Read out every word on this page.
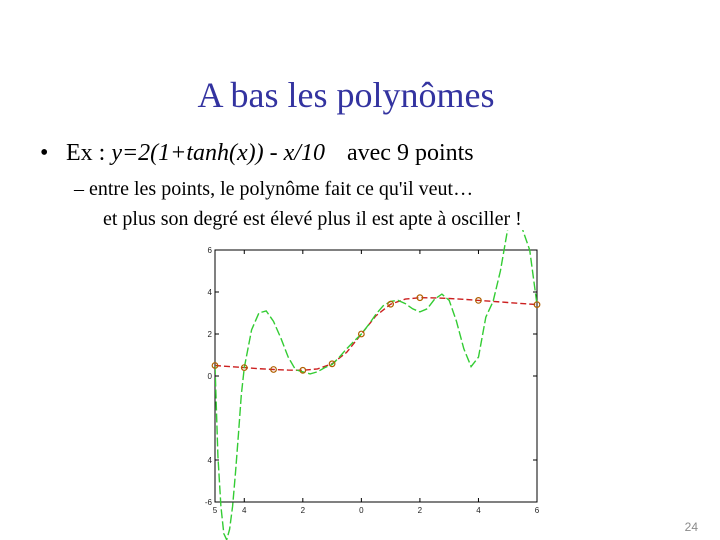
A bas les polynômes
• Ex : y=2(1+tanh(x)) - x/10 avec 9 points
– entre les points, le polynôme fait ce qu'il veut…
et plus son degré est élevé plus il est apte à osciller !
5	4	2	0	2	4	6
6
4
2
0
4
-6
24
